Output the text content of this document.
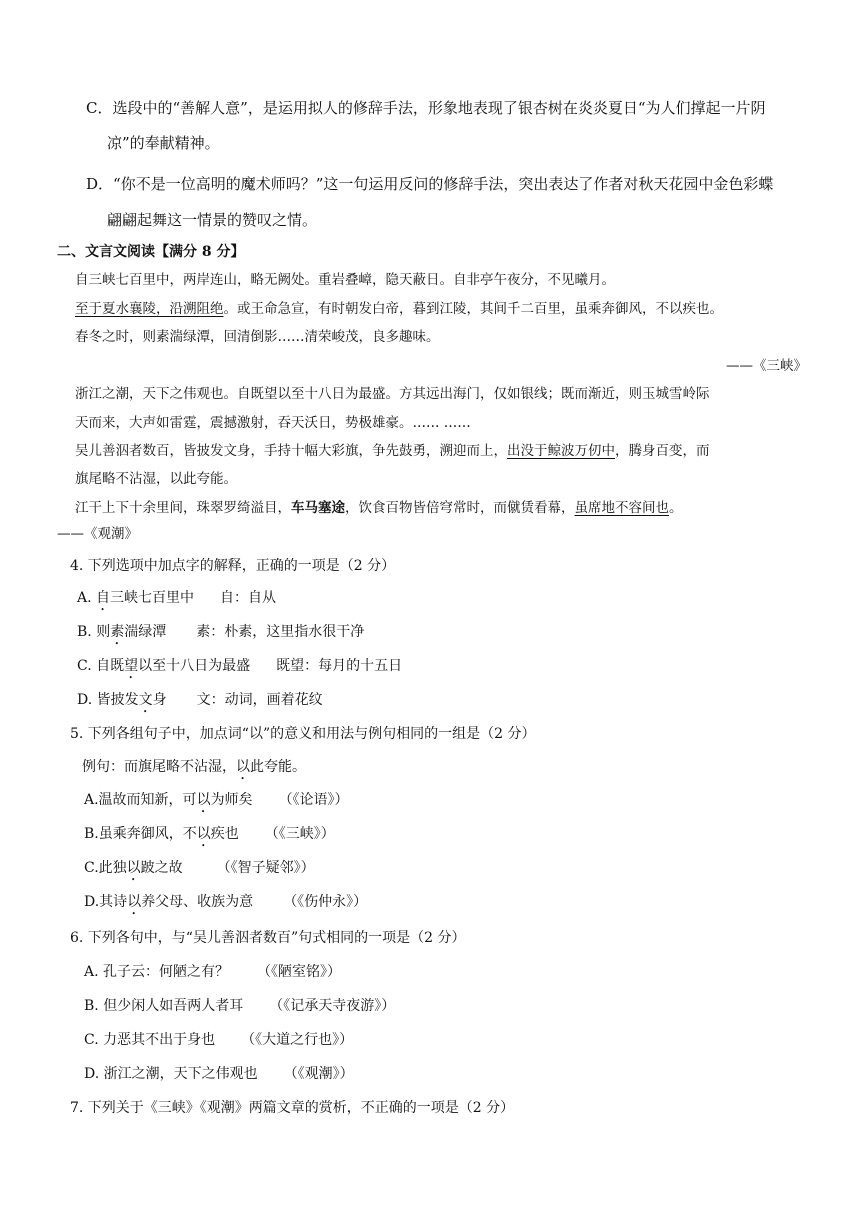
C．选段中的“善解人意”，是运用拟人的修辞手法，形象地表现了银杏树在炎炎夏日“为人们撑起一片阴
凉”的奉献精神。
D．“你不是一位高明的魔术师吗？”这一句运用反问的修辞手法，突出表达了作者对秋天花园中金色彩蝶
翩翩起舞这一情景的赞叹之情。
二、文言文阅读【满分 8 分】
自三峡七百里中，两岸连山，略无阙处。重岩叠嶂，隐天蔽日。自非亭午夜分，不见曦月。
至于夏水襄陵，沿溯阻绝。或王命急宣，有时朝发白帝，暮到江陵，其间千二百里，虽乘奔御风，不以疾也。
春冬之时，则素湍绿潭，回清倒影……清荣峻茂，良多趣味。
——《三峡》
浙江之潮，天下之伟观也。自既望以至十八日为最盛。方其远出海门，仅如银线；既而渐近，则玉城雪岭际
天而来，大声如雷霆，震撼激射，吞天沃日，势极雄豪。…… ……
吴儿善泅者数百，皆披发文身，手持十幅大彩旗，争先鼓勇，溯迎而上，出没于鲸波万仞中，腾身百变，而
旗尾略不沾湿，以此夸能。
江干上下十余里间，珠翠罗绮溢目，车马塞途，饮食百物皆倍穹常时，而僦赁看幕，虽席地不容间也。
——《观潮》
4. 下列选项中加点字的解释，正确的一项是（2 分）
A. 自三峡七百里中 自：自从
B. 则素湍绿潭 素：朴素，这里指水很干净
C. 自既望以至十八日为最盛 既望：每月的十五日
D. 皆披发文身 文：动词，画着花纹
5. 下列各组句子中，加点词“以”的意义和用法与例句相同的一组是（2 分）
例句：而旗尾略不沾湿，以此夸能。
A.温故而知新，可以为师矣 （《论语》）
B.虽乘奔御风，不以疾也 （《三峡》）
C.此独以跛之故 （《智子疑邻》）
D.其诗以养父母、收族为意 （《伤仲永》）
6. 下列各句中，与“吴儿善泅者数百”句式相同的一项是（2 分）
A. 孔子云：何陋之有？ （《陋室铭》）
B. 但少闲人如吾两人者耳 （《记承天寺夜游》）
C. 力恶其不出于身也 （《大道之行也》）
D. 浙江之潮，天下之伟观也 （《观潮》）
7. 下列关于《三峡》《观潮》两篇文章的赏析，不正确的一项是（2 分）
